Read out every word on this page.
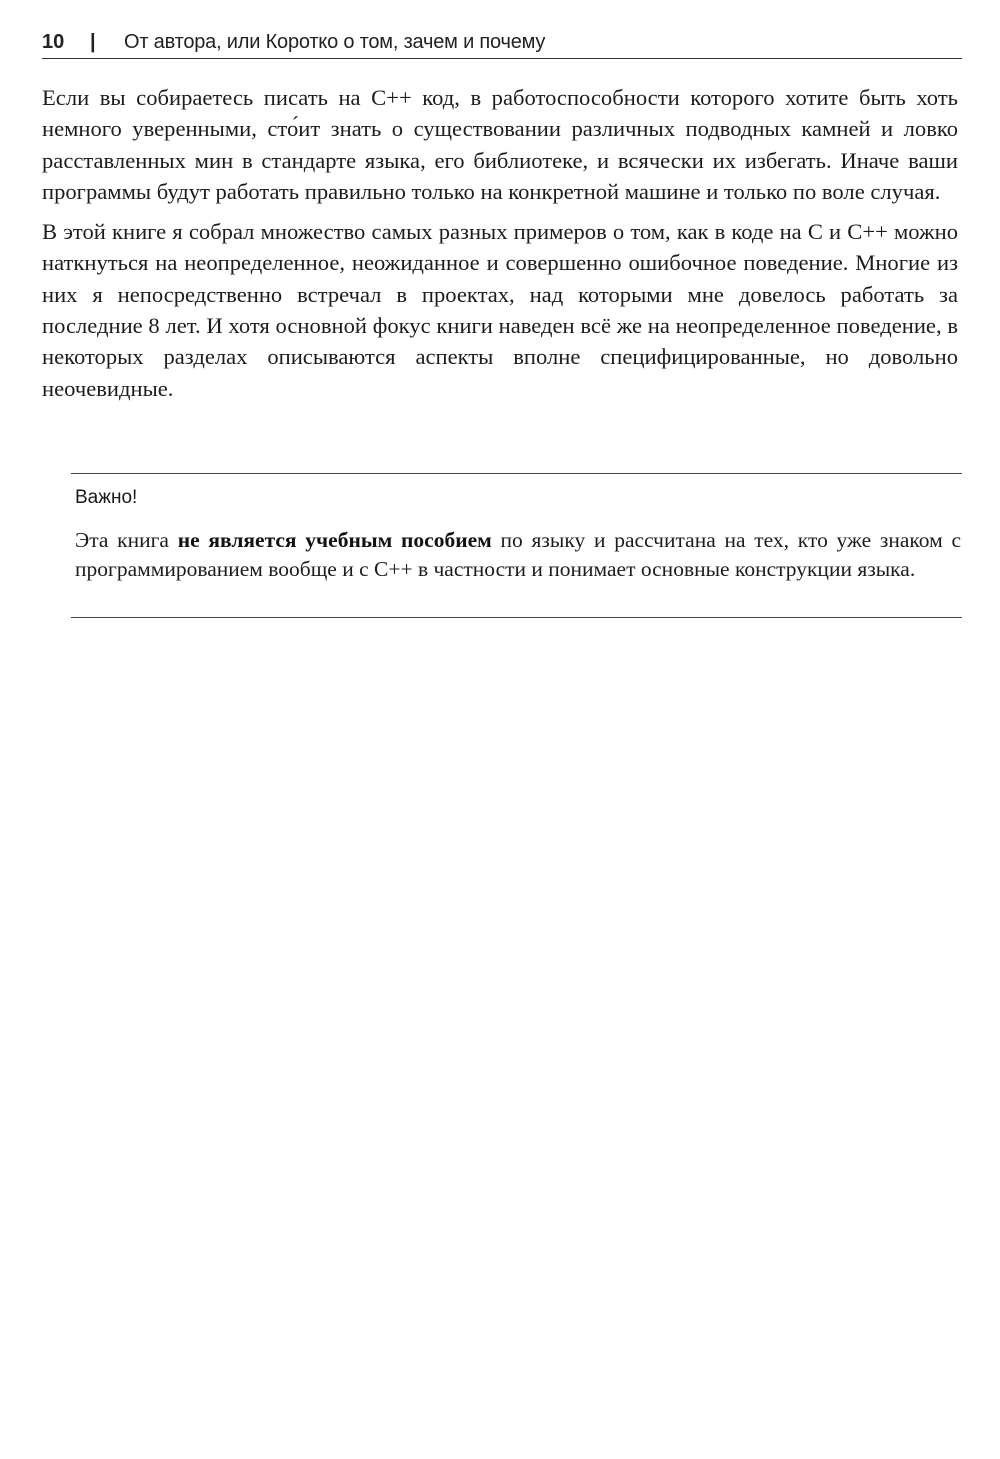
10 | От автора, или Коротко о том, зачем и почему

Если вы собираетесь писать на С++ код, в работоспособности которого хотите быть хоть немного уверенными, сто́ит знать о существовании различных подводных камней и ловко расставленных мин в стандарте языка, его библиотеке, и всячески их избегать. Иначе ваши программы будут работать правильно только на конкретной машине и только по воле случая.

В этой книге я собрал множество самых разных примеров о том, как в коде на С и С++ можно наткнуться на неопределенное, неожиданное и совершенно ошибочное поведение. Многие из них я непосредственно встречал в проектах, над которыми мне довелось работать за последние 8 лет. И хотя основной фокус книги наведен всё же на неопределенное поведение, в некоторых разделах описываются аспекты вполне специфицированные, но довольно неочевидные.

Важно!
Эта книга не является учебным пособием по языку и рассчитана на тех, кто уже знаком с программированием вообще и с С++ в частности и понимает основные конструкции языка.
